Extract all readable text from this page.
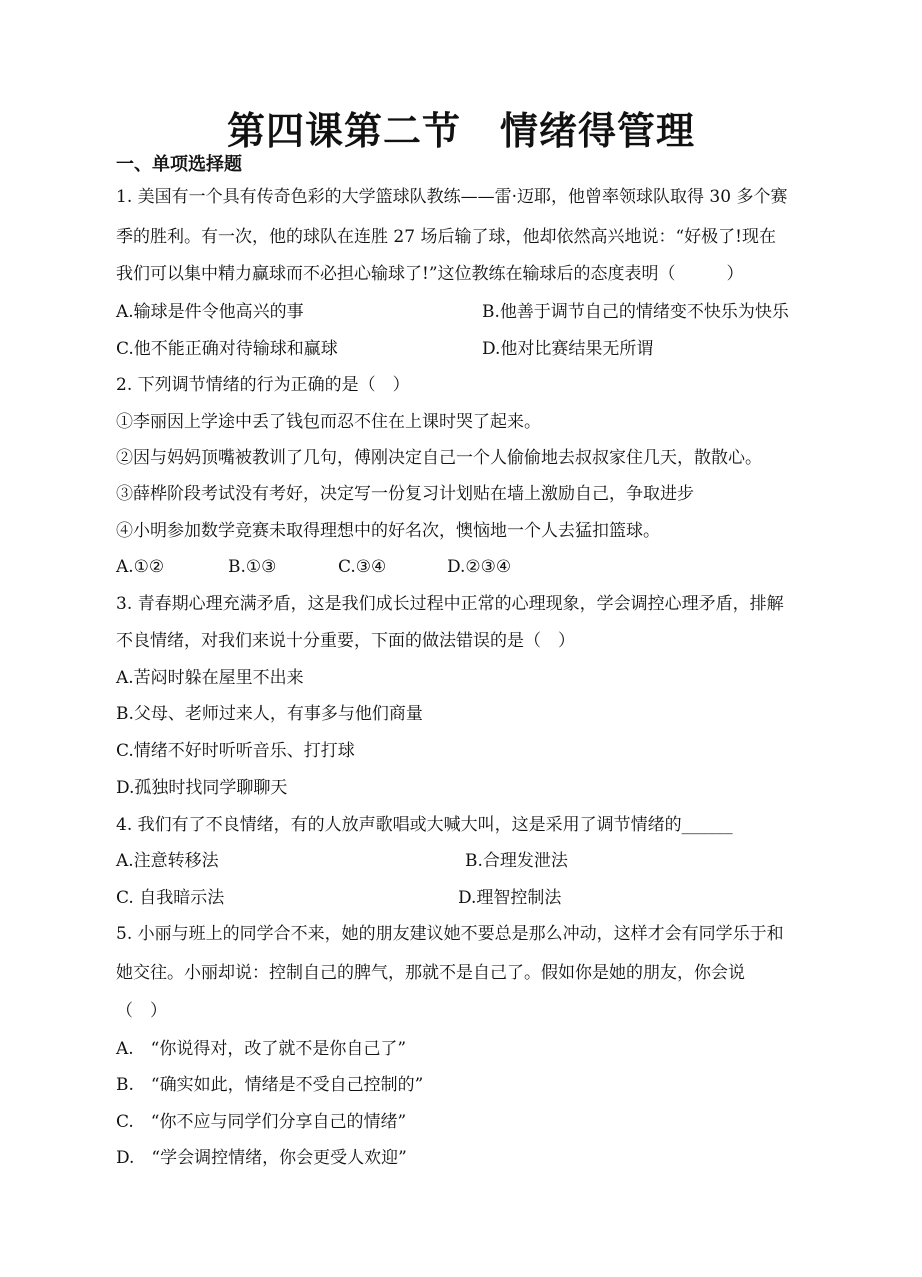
第四课第二节　情绪得管理
一、单项选择题
1. 美国有一个具有传奇色彩的大学篮球队教练——雷·迈耶，他曾率领球队取得 30 多个赛
季的胜利。有一次，他的球队在连胜 27 场后输了球，他却依然高兴地说：“好极了!现在
我们可以集中精力赢球而不必担心输球了!”这位教练在输球后的态度表明（　　　）
A.输球是件令他高兴的事	B.他善于调节自己的情绪变不快乐为快乐
C.他不能正确对待输球和赢球	D.他对比赛结果无所谓
2. 下列调节情绪的行为正确的是（　）
①李丽因上学途中丢了钱包而忍不住在上课时哭了起来。
②因与妈妈顶嘴被教训了几句，傅刚决定自己一个人偷偷地去叔叔家住几天，散散心。
③薛桦阶段考试没有考好，决定写一份复习计划贴在墙上激励自己，争取进步
④小明参加数学竞赛未取得理想中的好名次，懊恼地一个人去猛扣篮球。
A.①②	B.①③	C.③④	D.②③④
3. 青春期心理充满矛盾，这是我们成长过程中正常的心理现象，学会调控心理矛盾，排解
不良情绪，对我们来说十分重要，下面的做法错误的是（　）
A.苦闷时躲在屋里不出来
B.父母、老师过来人，有事多与他们商量
C.情绪不好时听听音乐、打打球
D.孤独时找同学聊聊天
4. 我们有了不良情绪，有的人放声歌唱或大喊大叫，这是采用了调节情绪的______
A.注意转移法	B.合理发泄法
C. 自我暗示法	D.理智控制法
5. 小丽与班上的同学合不来，她的朋友建议她不要总是那么冲动，这样才会有同学乐于和
她交往。小丽却说：控制自己的脾气，那就不是自己了。假如你是她的朋友，你会说
（　）
A.　“你说得对，改了就不是你自己了”
B.　“确实如此，情绪是不受自己控制的”
C.　“你不应与同学们分享自己的情绪”
D.　“学会调控情绪，你会更受人欢迎”
